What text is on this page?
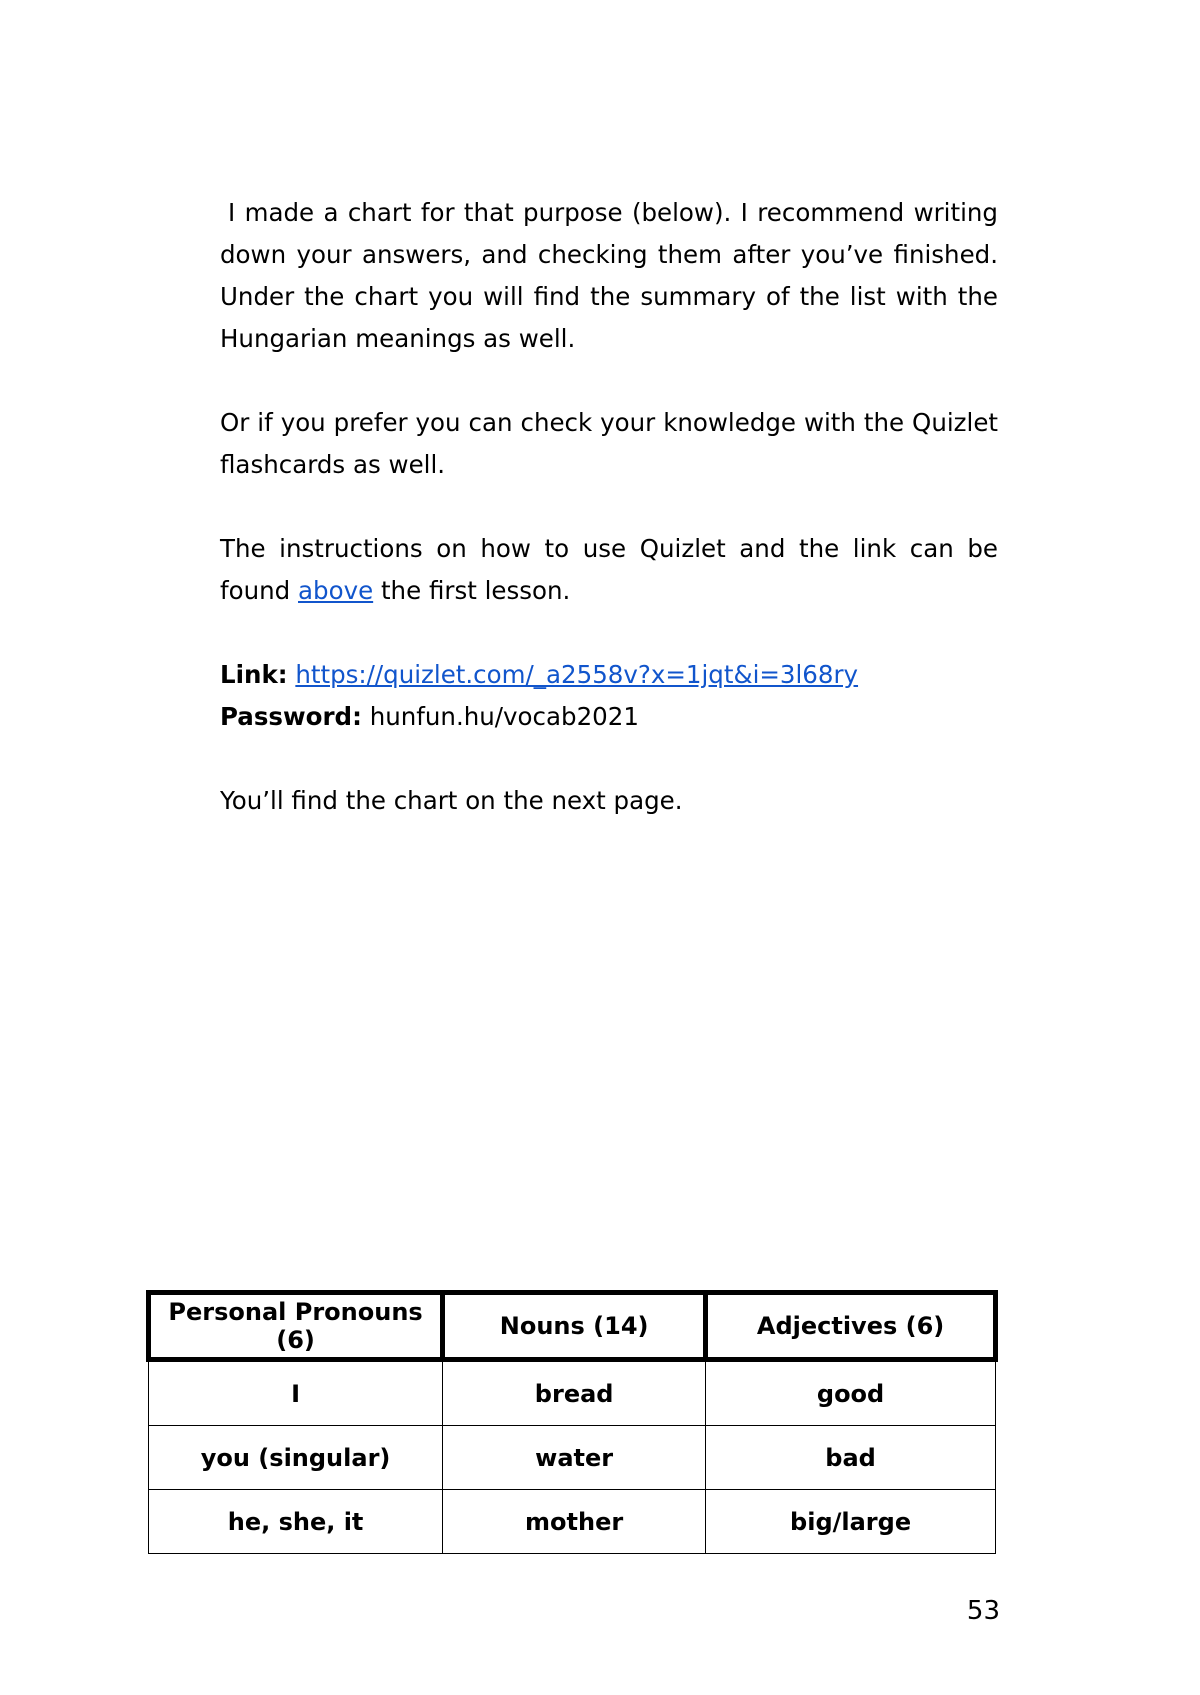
I made a chart for that purpose (below). I recommend writing down your answers, and checking them after you’ve finished. Under the chart you will find the summary of the list with the Hungarian meanings as well.

Or if you prefer you can check your knowledge with the Quizlet flashcards as well.

The instructions on how to use Quizlet and the link can be found above the first lesson.

Link: https://quizlet.com/_a2558v?x=1jqt&i=3l68ry

Password: hunfun.hu/vocab2021

You’ll find the chart on the next page.

Personal Pronouns (6)	Nouns (14)	Adjectives (6)
I	bread	good
you (singular)	water	bad
he, she, it	mother	big/large
53
